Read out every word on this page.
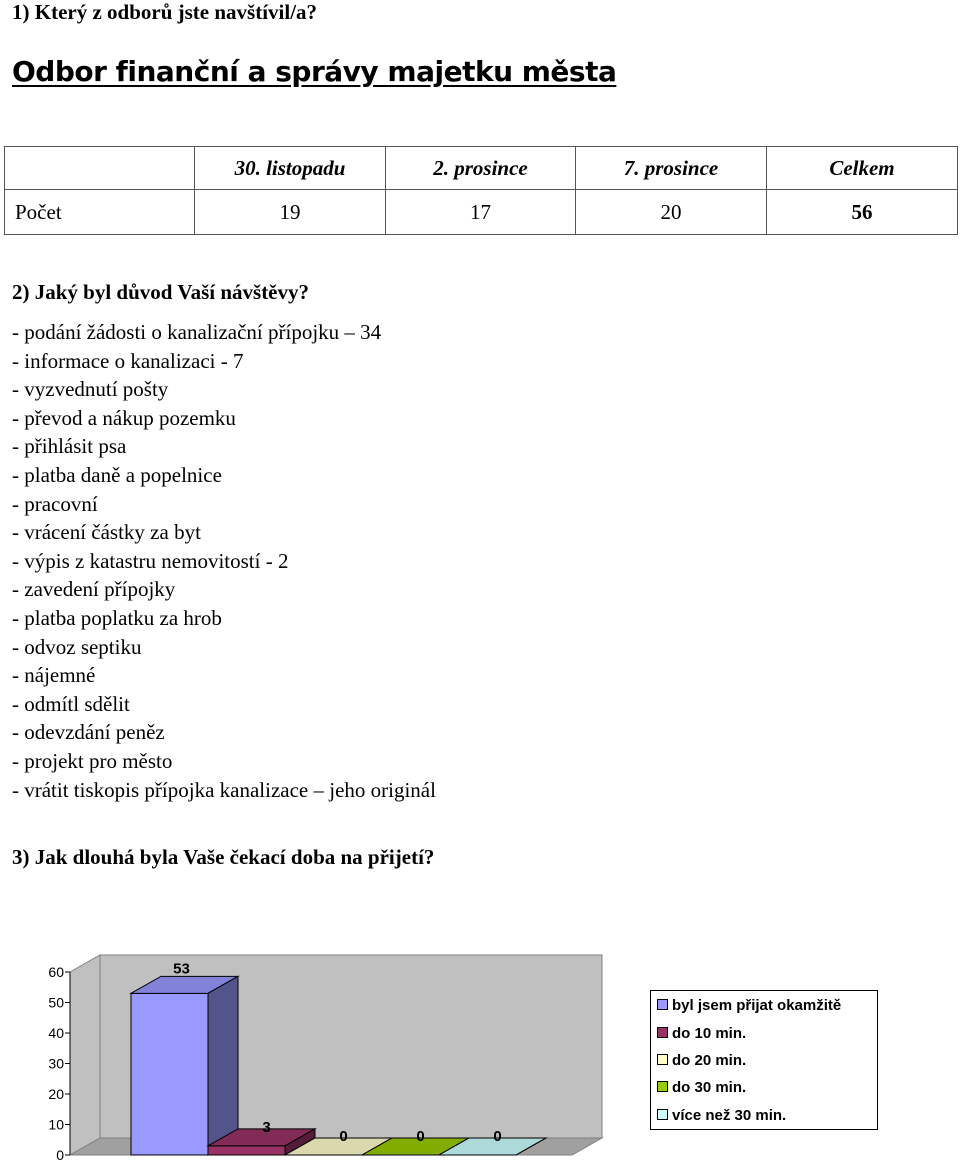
1) Který z odborů jste navštívil/a?
Odbor finanční a správy majetku města
	30. listopadu	2. prosince	7. prosince	Celkem
Počet	19	17	20	56
2) Jaký byl důvod Vaší návštěvy?
- podání žádosti o kanalizační přípojku – 34
- informace o kanalizaci - 7
- vyzvednutí pošty
- převod a nákup pozemku
- přihlásit psa
- platba daně a popelnice
- pracovní
- vrácení částky za byt
- výpis z katastru nemovitostí - 2
- zavedení přípojky
- platba poplatku za hrob
- odvoz septiku
- nájemné
- odmítl sdělit
- odevzdání peněz
- projekt pro město
- vrátit tiskopis přípojka kanalizace – jeho originál
3) Jak dlouhá byla Vaše čekací doba na přijetí?
0
10
20
30
40
50
60	53
3
0	0	0
byl jsem přijat okamžitě
do 10 min.
do 20 min.
do 30 min.
více než 30 min.
